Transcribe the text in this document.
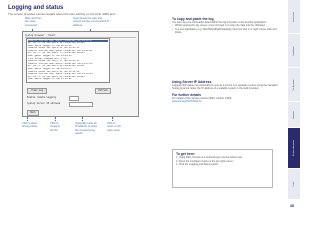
Logging and status
The screen provides various details about the user activity on the ALIF 4000 and...
Main and from the menu connected
Input shows the user and current number of connected IP address
Syslog browser - Event
Session started User admin connected Tue 04:03:27
Rx: 00 Tx: 00 192.168.1.42 connected normal
User admin logged in Tue 04:03:28
Session ended 192.168.1.42 Tue 04:05:11
Session started User guest connected Tue 04:06:02
Rx: 00 Tx: 00 192.168.1.57 connected normal
User guest logged in Tue 04:06:03
Link status changed port 1 up
Session ended 192.168.1.57 Tue 04:09:45
Session started User admin connected Tue 04:10:12
Rx: 00 Tx: 00 192.168.1.42 connected normal
User admin logged in Tue 04:10:13
Session ended 192.168.1.42 Tue 04:12:30
Session started User admin connected Tue 04:14:01
Rx: 00 Tx: 00 192.168.1.42 connected normal
User admin logged in Tue 04:14:02
Clear Log	Refresh
Enable remote logging
Syslog Server IP address
Back
Click to clear all log entries
Click to create to the list
Optionally enter an IP address to show the remaining log results
Click to return to the main menu
To copy and paste the log
You can copy the information listed within the log and paste it into another application:
• Whilst viewing the log screen, press Ctrl and C to copy the data into the clipboard.
• In a text application (e.g. Word/WordPad/Notepad) press Ctrl and V or right mouse click and Paste.
Using Server IP Address
Logging information can optionally be sent as it occurs to a separate system using the standard Syslog protocol. Enter the IP address of a suitable system in the field provided.
For further details
For details of the Syslog protocol (RFC number 3164):
www.ietf.org/rfc/rfc3164.txt
To get here:
1. Using SSH, browse to a terminal log in as the Admin user.
2. Press the Configure button in the top right corner.
3. Click the Logging and Status option.
Introduction
Installation
Configuration
Operation
Further information
Index
38
